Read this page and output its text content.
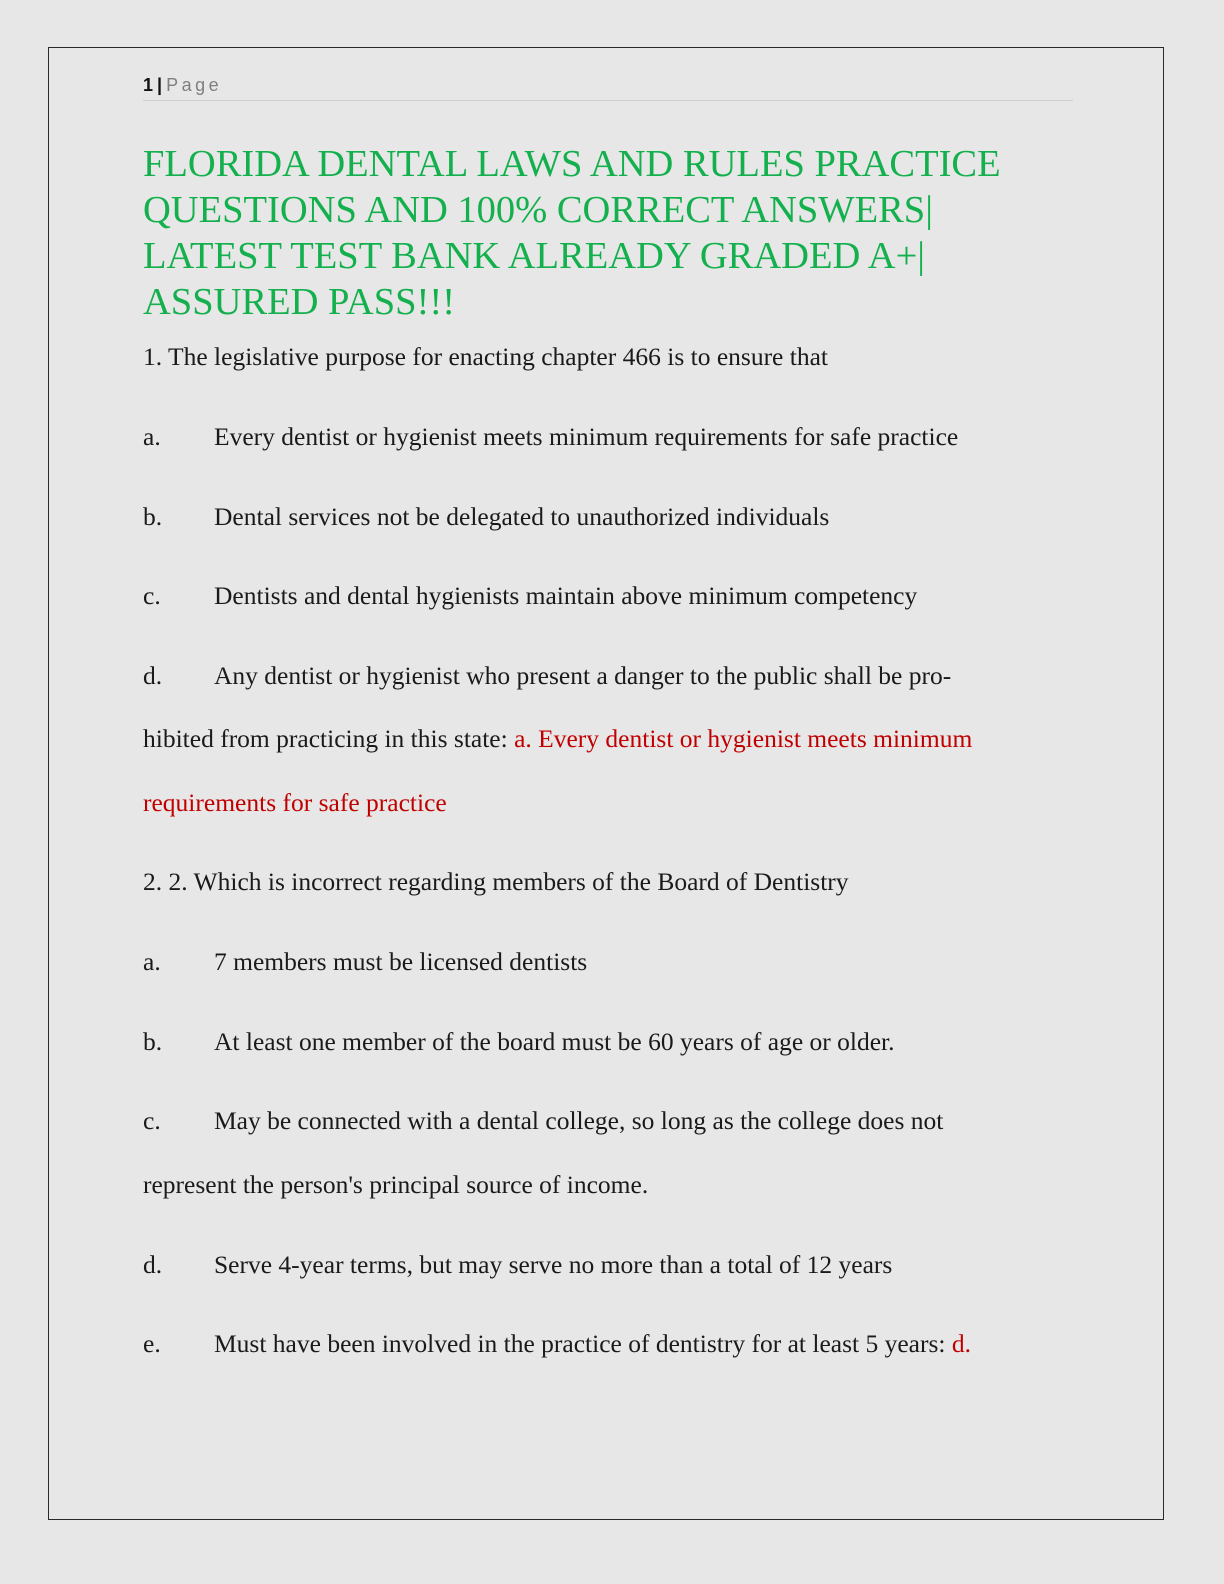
1 | Page
FLORIDA DENTAL LAWS AND RULES PRACTICE
QUESTIONS AND 100% CORRECT ANSWERS|
LATEST TEST BANK ALREADY GRADED A+|
ASSURED PASS!!!
1. The legislative purpose for enacting chapter 466 is to ensure that
a. Every dentist or hygienist meets minimum requirements for safe practice
b. Dental services not be delegated to unauthorized individuals
c. Dentists and dental hygienists maintain above minimum competency
d. Any dentist or hygienist who present a danger to the public shall be pro-
hibited from practicing in this state: a. Every dentist or hygienist meets minimum
requirements for safe practice
2. 2. Which is incorrect regarding members of the Board of Dentistry
a. 7 members must be licensed dentists
b. At least one member of the board must be 60 years of age or older.
c. May be connected with a dental college, so long as the college does not
represent the person's principal source of income.
d. Serve 4-year terms, but may serve no more than a total of 12 years
e. Must have been involved in the practice of dentistry for at least 5 years: d.
